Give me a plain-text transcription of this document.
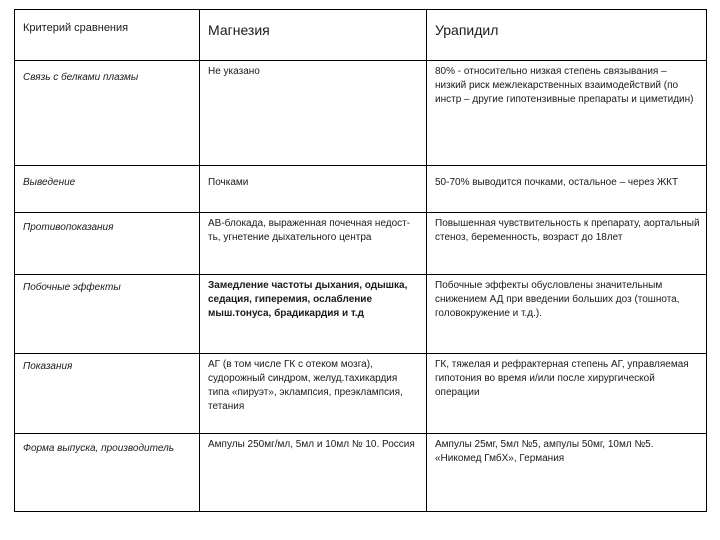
Критерий сравнения	Магнезия	Урапидил
Связь с белками плазмы	Не указано	80% - относительно низкая степень связывания – низкий риск межлекарственных взаимодействий (по инстр – другие гипотензивные препараты и циметидин)
Выведение	Почками	50-70% выводится почками, остальное – через ЖКТ
Противопоказания	АВ-блокада, выраженная почечная недост-ть, угнетение дыхательного центра	Повышенная чувствительность к препарату, аортальный стеноз, беременность, возраст до 18лет
Побочные эффекты	Замедление частоты дыхания, одышка, седация, гиперемия, ослабление мыш.тонуса, брадикардия и т.д	Побочные эффекты обусловлены значительным снижением АД при введении больших доз (тошнота, головокружение и т.д.).
Показания	АГ (в том числе ГК с отеком мозга), судорожный синдром, желуд.тахикардия типа «пируэт», эклампсия, преэклампсия, тетания	ГК, тяжелая и рефрактерная степень АГ, управляемая гипотония во время и/или после хирургической операции
Форма выпуска, производитель	Ампулы 250мг/мл, 5мл и 10мл № 10. Россия	Ампулы 25мг, 5мл №5, ампулы 50мг, 10мл №5. «Никомед ГмбХ», Германия
